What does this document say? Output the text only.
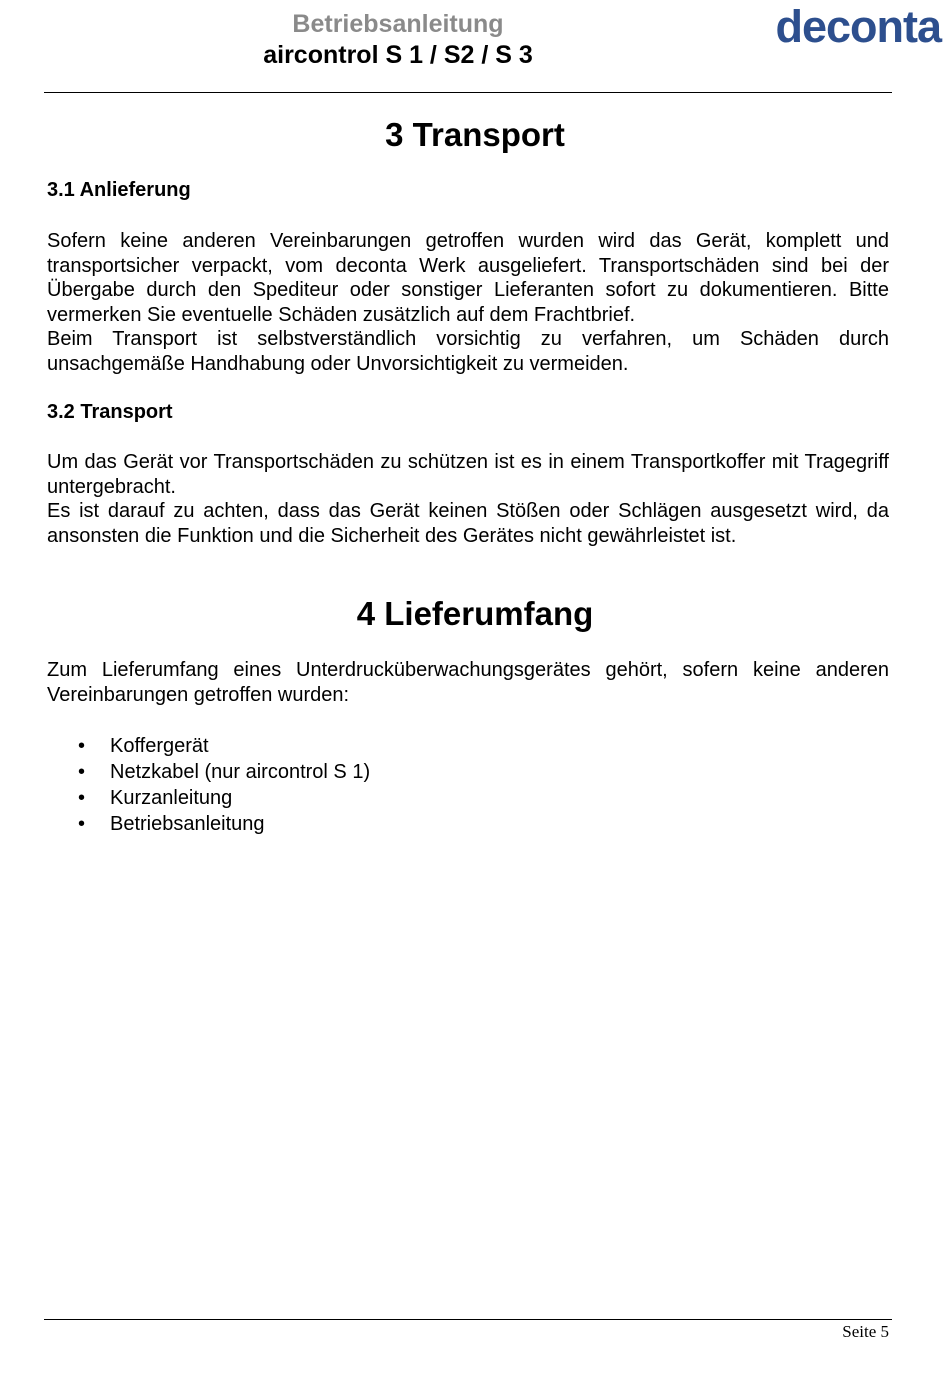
Betriebsanleitung
aircontrol S 1 / S2 / S 3
deconta
3 Transport
3.1 Anlieferung

Sofern keine anderen Vereinbarungen getroffen wurden wird das Gerät, komplett und transportsicher verpackt, vom deconta Werk ausgeliefert. Transportschäden sind bei der Übergabe durch den Spediteur oder sonstiger Lieferanten sofort zu dokumentieren. Bitte vermerken Sie eventuelle Schäden zusätzlich auf dem Frachtbrief.
Beim Transport ist selbstverständlich vorsichtig zu verfahren, um Schäden durch unsachgemäße Handhabung oder Unvorsichtigkeit zu vermeiden.

3.2 Transport

Um das Gerät vor Transportschäden zu schützen ist es in einem Transportkoffer mit Tragegriff untergebracht.
Es ist darauf zu achten, dass das Gerät keinen Stößen oder Schlägen ausgesetzt wird, da ansonsten die Funktion und die Sicherheit des Gerätes nicht gewährleistet ist.

4 Lieferumfang

Zum Lieferumfang eines Unterdrucküberwachungsgerätes gehört, sofern keine anderen Vereinbarungen getroffen wurden:

• Koffergerät
• Netzkabel (nur aircontrol S 1)
• Kurzanleitung
• Betriebsanleitung
Seite 5
